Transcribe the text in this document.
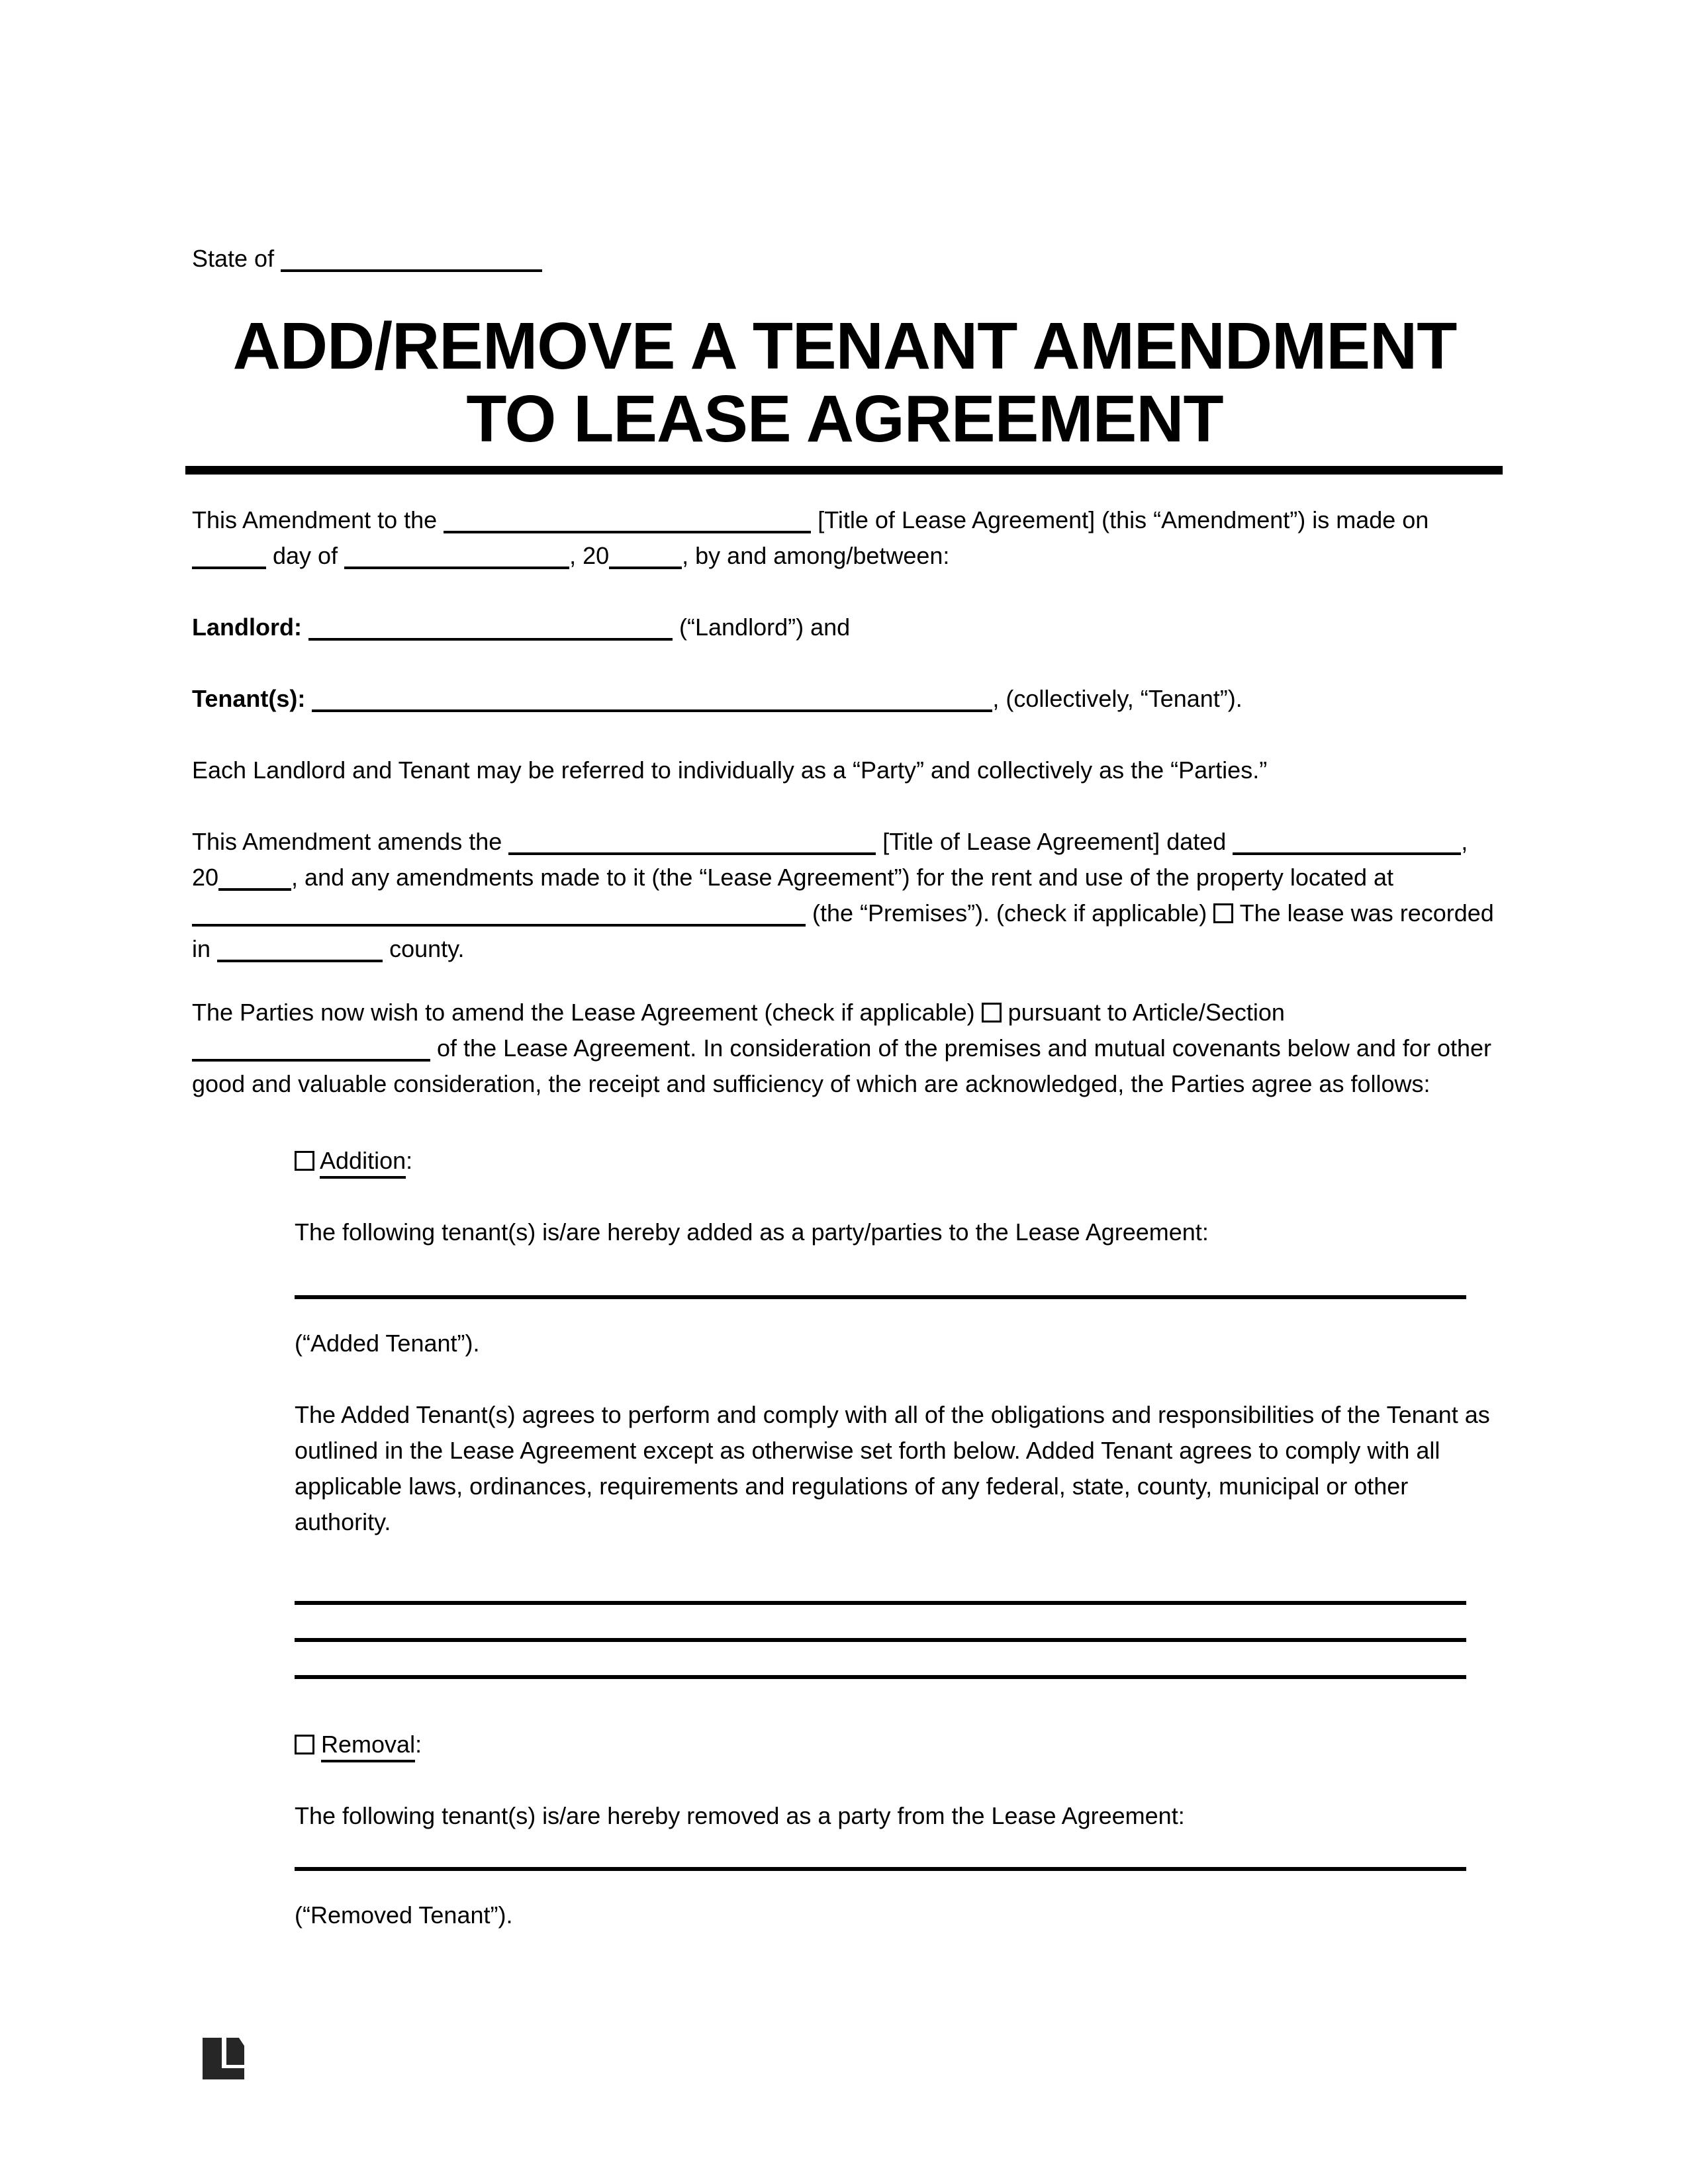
State of
ADD/REMOVE A TENANT AMENDMENT
TO LEASE AGREEMENT

This Amendment to the	[Title of Lease Agreement] (this “Amendment”) is made on  day of	, 20	, by and among/between:

Landlord:	(“Landlord”) and

Tenant(s):	, (collectively, “Tenant”).

Each Landlord and Tenant may be referred to individually as a “Party” and collectively as the “Parties.”

This Amendment amends the	[Title of Lease Agreement] dated	, 20	, and any amendments made to it (the “Lease Agreement”) for the rent and use of the property located at  (the “Premises”). (check if applicable) The lease was recorded in	county.

The Parties now wish to amend the Lease Agreement (check if applicable) pursuant to Article/Section  of the Lease Agreement. In consideration of the premises and mutual covenants below and for other good and valuable consideration, the receipt and sufficiency of which are acknowledged, the Parties agree as follows:

Addition:

The following tenant(s) is/are hereby added as a party/parties to the Lease Agreement:

(“Added Tenant”).

The Added Tenant(s) agrees to perform and comply with all of the obligations and responsibilities of the Tenant as outlined in the Lease Agreement except as otherwise set forth below. Added Tenant agrees to comply with all applicable laws, ordinances, requirements and regulations of any federal, state, county, municipal or other authority.

Removal:

The following tenant(s) is/are hereby removed as a party from the Lease Agreement:

(“Removed Tenant”).
